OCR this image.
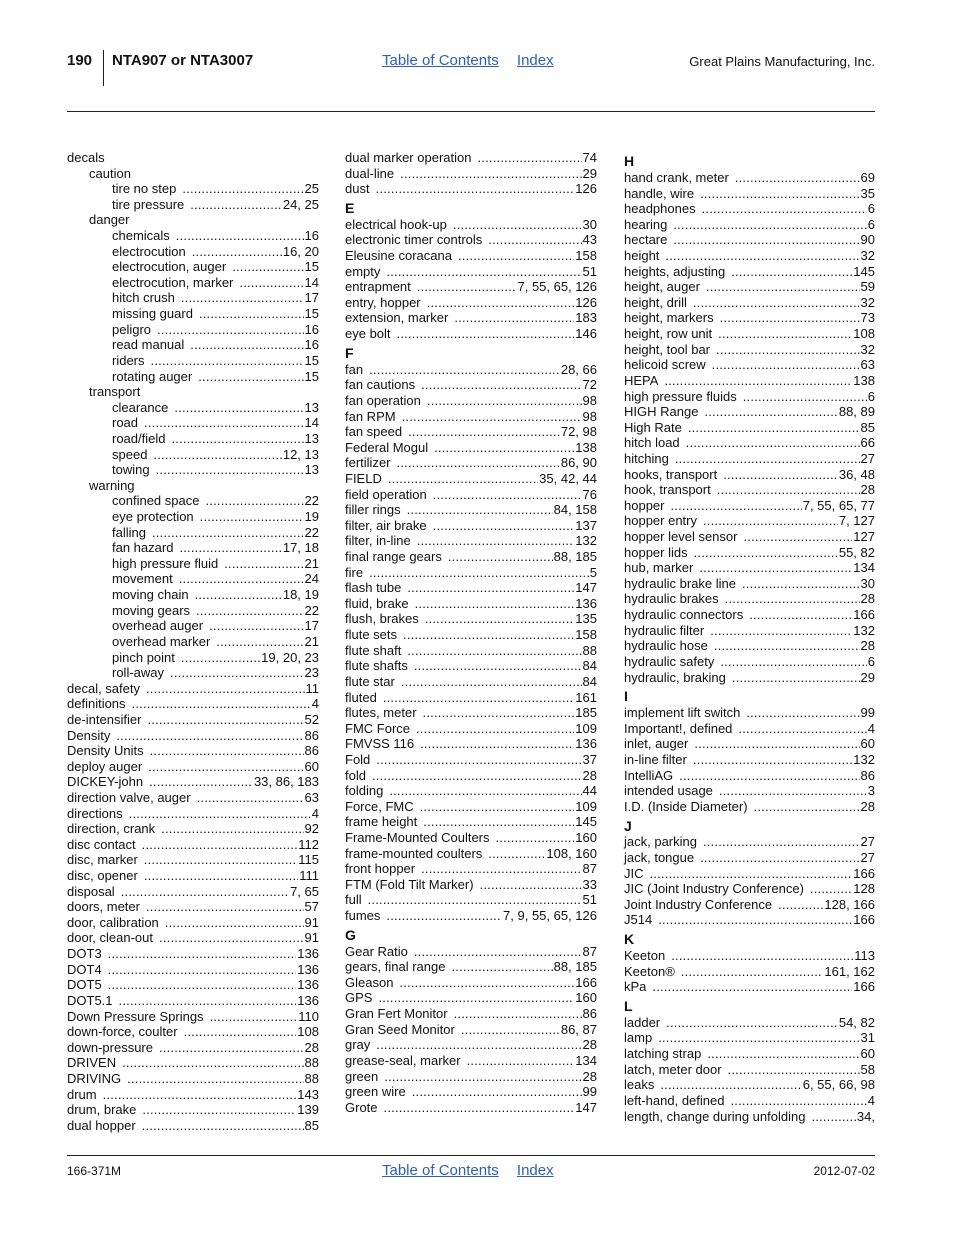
190 NTA907 or NTA3007	Table of Contents Index	Great Plains Manufacturing, Inc.
decals
caution
tire no step .....	25
tire pressure .....	24, 25
danger
chemicals .....	16
electrocution .....	16, 20
electrocution, auger .....	15
electrocution, marker .....	14
hitch crush .....	17
missing guard .....	15
peligro .....	16
read manual .....	16
riders .....	15
rotating auger .....	15
transport
clearance .....	13
road .....	14
road/field .....	13
speed .....	12, 13
towing .....	13
warning
confined space .....	22
eye protection .....	19
falling .....	22
fan hazard .....	17, 18
high pressure fluid .....	21
movement .....	24
moving chain .....	18, 19
moving gears .....	22
overhead auger .....	17
overhead marker .....	21
pinch point .....	19, 20, 23
roll-away .....	23
decal, safety .....	11
definitions .....	4
de-intensifier .....	52
Density .....	86
Density Units .....	86
deploy auger .....	60
DICKEY-john .....	33, 86, 183
direction valve, auger .....	63
directions .....	4
direction, crank .....	92
disc contact .....	112
disc, marker .....	115
disc, opener .....	111
disposal .....	7, 65
doors, meter .....	57
door, calibration .....	91
door, clean-out .....	91
DOT3 .....	136
DOT4 .....	136
DOT5 .....	136
DOT5.1 .....	136
Down Pressure Springs .....	110
down-force, coulter .....	108
down-pressure .....	28
DRIVEN .....	88
DRIVING .....	88
drum .....	143
drum, brake .....	139
dual hopper .....	85
dual marker operation .....	74
dual-line .....	29
dust .....	126
E
electrical hook-up .....	30
electronic timer controls .....	43
Eleusine coracana .....	158
empty .....	51
entrapment .....	7, 55, 65, 126
entry, hopper .....	126
extension, marker .....	183
eye bolt .....	146
F
fan .....	28, 66
fan cautions .....	72
fan operation .....	98
fan RPM .....	98
fan speed .....	72, 98
Federal Mogul .....	138
fertilizer .....	86, 90
FIELD .....	35, 42, 44
field operation .....	76
filler rings .....	84, 158
filter, air brake .....	137
filter, in-line .....	132
final range gears .....	88, 185
fire .....	5
flash tube .....	147
fluid, brake .....	136
flush, brakes .....	135
flute sets .....	158
flute shaft .....	88
flute shafts .....	84
flute star .....	84
fluted .....	161
flutes, meter .....	185
FMC Force .....	109
FMVSS 116 .....	136
Fold .....	37
fold .....	28
folding .....	44
Force, FMC .....	109
frame height .....	145
Frame-Mounted Coulters .....	160
frame-mounted coulters .....	108, 160
front hopper .....	87
FTM (Fold Tilt Marker) .....	33
full .....	51
fumes .....	7, 9, 55, 65, 126
G
Gear Ratio .....	87
gears, final range .....	88, 185
Gleason .....	166
GPS .....	160
Gran Fert Monitor .....	86
Gran Seed Monitor .....	86, 87
gray .....	28
grease-seal, marker .....	134
green .....	28
green wire .....	99
Grote .....	147
H
hand crank, meter .....	69
handle, wire .....	35
headphones .....	6
hearing .....	6
hectare .....	90
height .....	32
heights, adjusting .....	145
height, auger .....	59
height, drill .....	32
height, markers .....	73
height, row unit .....	108
height, tool bar .....	32
helicoid screw .....	63
HEPA .....	138
high pressure fluids .....	6
HIGH Range .....	88, 89
High Rate .....	85
hitch load .....	66
hitching .....	27
hooks, transport .....	36, 48
hook, transport .....	28
hopper .....	7, 55, 65, 77
hopper entry .....	7, 127
hopper level sensor .....	127
hopper lids .....	55, 82
hub, marker .....	134
hydraulic brake line .....	30
hydraulic brakes .....	28
hydraulic connectors .....	166
hydraulic filter .....	132
hydraulic hose .....	28
hydraulic safety .....	6
hydraulic, braking .....	29
I
implement lift switch .....	99
Important!, defined .....	4
inlet, auger .....	60
in-line filter .....	132
IntelliAG .....	86
intended usage .....	3
I.D. (Inside Diameter) .....	28
J
jack, parking .....	27
jack, tongue .....	27
JIC .....	166
JIC (Joint Industry Conference) .....	128
Joint Industry Conference .....	128, 166
J514 .....	166
K
Keeton .....	113
Keeton® .....	161, 162
kPa .....	166
L
ladder .....	54, 82
lamp .....	31
latching strap .....	60
latch, meter door .....	58
leaks .....	6, 55, 66, 98
left-hand, defined .....	4
length, change during unfolding .....	34,
166-371M	Table of Contents Index	2012-07-02
